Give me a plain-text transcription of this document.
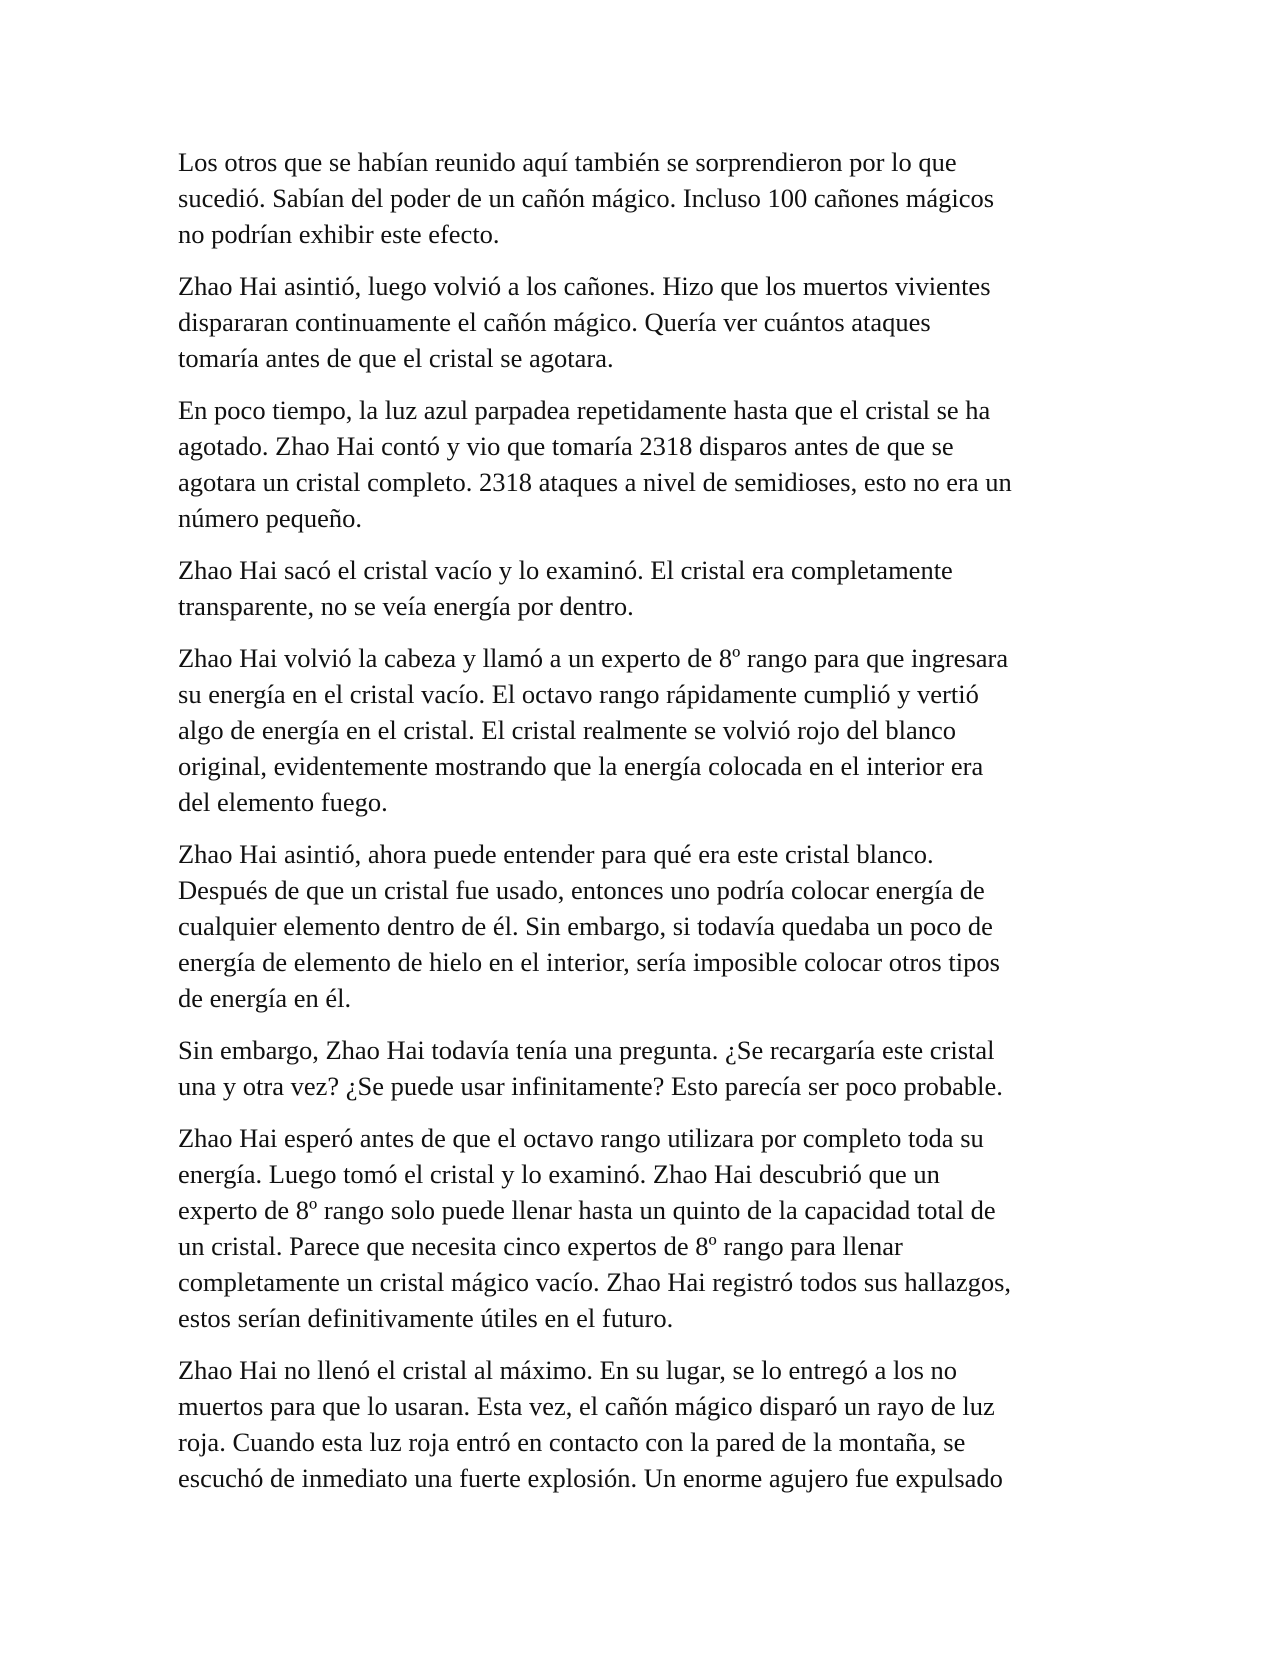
Los otros que se habían reunido aquí también se sorprendieron por lo que
sucedió. Sabían del poder de un cañón mágico. Incluso 100 cañones mágicos
no podrían exhibir este efecto.

Zhao Hai asintió, luego volvió a los cañones. Hizo que los muertos vivientes
dispararan continuamente el cañón mágico. Quería ver cuántos ataques
tomaría antes de que el cristal se agotara.

En poco tiempo, la luz azul parpadea repetidamente hasta que el cristal se ha
agotado. Zhao Hai contó y vio que tomaría 2318 disparos antes de que se
agotara un cristal completo. 2318 ataques a nivel de semidioses, esto no era un
número pequeño.

Zhao Hai sacó el cristal vacío y lo examinó. El cristal era completamente
transparente, no se veía energía por dentro.

Zhao Hai volvió la cabeza y llamó a un experto de 8º rango para que ingresara
su energía en el cristal vacío. El octavo rango rápidamente cumplió y vertió
algo de energía en el cristal. El cristal realmente se volvió rojo del blanco
original, evidentemente mostrando que la energía colocada en el interior era
del elemento fuego.

Zhao Hai asintió, ahora puede entender para qué era este cristal blanco.
Después de que un cristal fue usado, entonces uno podría colocar energía de
cualquier elemento dentro de él. Sin embargo, si todavía quedaba un poco de
energía de elemento de hielo en el interior, sería imposible colocar otros tipos
de energía en él.

Sin embargo, Zhao Hai todavía tenía una pregunta. ¿Se recargaría este cristal
una y otra vez? ¿Se puede usar infinitamente? Esto parecía ser poco probable.

Zhao Hai esperó antes de que el octavo rango utilizara por completo toda su
energía. Luego tomó el cristal y lo examinó. Zhao Hai descubrió que un
experto de 8º rango solo puede llenar hasta un quinto de la capacidad total de
un cristal. Parece que necesita cinco expertos de 8º rango para llenar
completamente un cristal mágico vacío. Zhao Hai registró todos sus hallazgos,
estos serían definitivamente útiles en el futuro.

Zhao Hai no llenó el cristal al máximo. En su lugar, se lo entregó a los no
muertos para que lo usaran. Esta vez, el cañón mágico disparó un rayo de luz
roja. Cuando esta luz roja entró en contacto con la pared de la montaña, se
escuchó de inmediato una fuerte explosión. Un enorme agujero fue expulsado
